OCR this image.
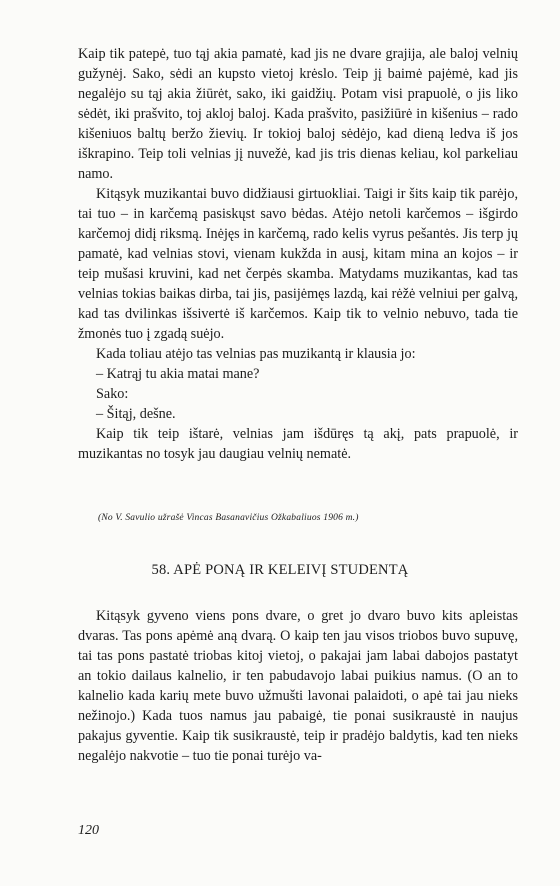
Kaip tik patepė, tuo tąj akia pamatė, kad jis ne dvare grajija, ale baloj velnių gužynėj. Sako, sėdi an kupsto vietoj krėslo. Teip jį baimė pajėmė, kad jis negalėjo su tąj akia žiūrėt, sako, iki gaidžių. Potam visi prapuolė, o jis liko sėdėt, iki prašvito, toj akloj baloj. Kada prašvito, pasižiūrė in kišenius – rado kišeniuos baltų beržo žievių. Ir tokioj baloj sėdėjo, kad dieną ledva iš jos iškrapino. Teip toli velnias jį nuvežė, kad jis tris dienas keliau, kol parkeliau namo.

Kitąsyk muzikantai buvo didžiausi girtuokliai. Taigi ir šits kaip tik parėjo, tai tuo – in karčemą pasiskųst savo bėdas. Atėjo netoli karčemos – išgirdo karčemoj didį riksmą. Inėjęs in karčemą, rado kelis vyrus pešantės. Jis terp jų pamatė, kad velnias stovi, vienam kukžda in ausį, kitam mina an kojos – ir teip mušasi kruvini, kad net čerpės skamba. Matydams muzikantas, kad tas velnias tokias baikas dirba, tai jis, pasijėmęs lazdą, kai rėžė velniui per galvą, kad tas dvilinkas išsivertė iš karčemos. Kaip tik to velnio nebuvo, tada tie žmonės tuo į zgadą suėjo.

Kada toliau atėjo tas velnias pas muzikantą ir klausia jo:

– Katrąj tu akia matai mane?

Sako:

– Šitąj, dešne.

Kaip tik teip ištarė, velnias jam išdūręs tą akį, pats prapuolė, ir muzikantas no tosyk jau daugiau velnių nematė.

(No V. Savulio užrašė Vincas Basanavičius Ožkabaliuos 1906 m.)
58. APĖ PONĄ IR KELEIVĮ STUDENTĄ

Kitąsyk gyveno viens pons dvare, o gret jo dvaro buvo kits apleistas dvaras. Tas pons apėmė aną dvarą. O kaip ten jau visos triobos buvo supuvę, tai tas pons pastatė triobas kitoj vietoj, o pakajai jam labai dabojos pastatyt an tokio dailaus kalnelio, ir ten pabudavojo labai puikius namus. (O an to kalnelio kada karių mete buvo užmušti lavonai palaidoti, o apė tai jau nieks nežinojo.) Kada tuos namus jau pabaigė, tie ponai susikraustė in naujus pakajus gyventie. Kaip tik susikraustė, teip ir pradėjo baldytis, kad ten nieks negalėjo nakvotie – tuo tie ponai turėjo va-

120
